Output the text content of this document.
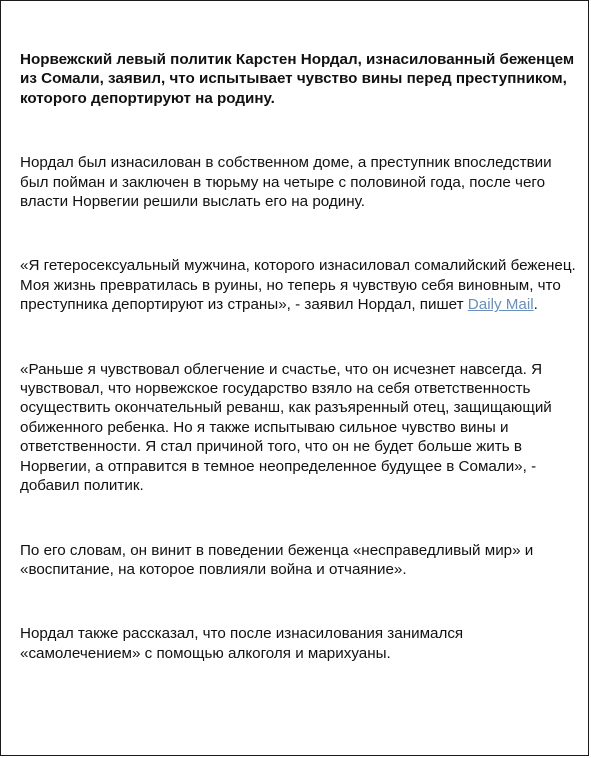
Норвежский левый политик Карстен Нордал, изнасилованный беженцем из Сомали, заявил, что испытывает чувство вины перед преступником, которого депортируют на родину.

Нордал был изнасилован в собственном доме, а преступник впоследствии был пойман и заключен в тюрьму на четыре с половиной года, после чего власти Норвегии решили выслать его на родину.

«Я гетеросексуальный мужчина, которого изнасиловал сомалийский беженец. Моя жизнь превратилась в руины, но теперь я чувствую себя виновным, что преступника депортируют из страны», - заявил Нордал, пишет Daily Mail.

«Раньше я чувствовал облегчение и счастье, что он исчезнет навсегда. Я чувствовал, что норвежское государство взяло на себя ответственность осуществить окончательный реванш, как разъяренный отец, защищающий обиженного ребенка. Но я также испытываю сильное чувство вины и ответственности. Я стал причиной того, что он не будет больше жить в Норвегии, а отправится в темное неопределенное будущее в Сомали», - добавил политик.

По его словам, он винит в поведении беженца «несправедливый мир» и «воспитание, на которое повлияли война и отчаяние».

Нордал также рассказал, что после изнасилования занимался «самолечением» с помощью алкоголя и марихуаны.
